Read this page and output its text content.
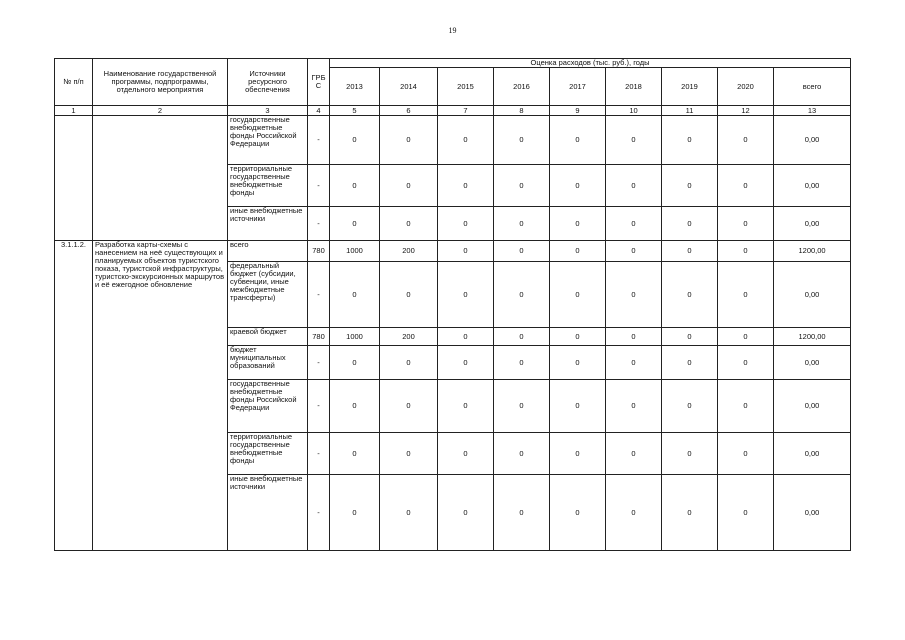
19
№ п/п	Наименование государственной программы, подпрограммы, отдельного мероприятия	Источники ресурсного обеспечения	ГРБ С	Оценка расходов (тыс. руб.), годы								
				2013	2014	2015	2016	2017	2018	2019	2020	всего
1	2	3	4	5	6	7	8	9	10	11	12	13
		государственные внебюджетные фонды Российской Федерации	-	0	0	0	0	0	0	0	0	0,00
		территориальные государственные внебюджетные фонды	-	0	0	0	0	0	0	0	0	0,00
		иные внебюджетные источники	-	0	0	0	0	0	0	0	0	0,00
3.1.1.2.	Разработка карты-схемы с нанесением на неё существующих и планируемых объектов туристского показа, туристской инфраструктуры, туристско-экскурсионных маршрутов и её ежегодное обновление	всего	780	1000	200	0	0	0	0	0	0	1200,00
		федеральный бюджет (субсидии, субвенции, иные межбюджетные трансферты)	-	0	0	0	0	0	0	0	0	0,00
		краевой бюджет	780	1000	200	0	0	0	0	0	0	1200,00
		бюджет муниципальных образований	-	0	0	0	0	0	0	0	0	0,00
		государственные внебюджетные фонды Российской Федерации	-	0	0	0	0	0	0	0	0	0,00
		территориальные государственные внебюджетные фонды	-	0	0	0	0	0	0	0	0	0,00
		иные внебюджетные источники	-	0	0	0	0	0	0	0	0	0,00
